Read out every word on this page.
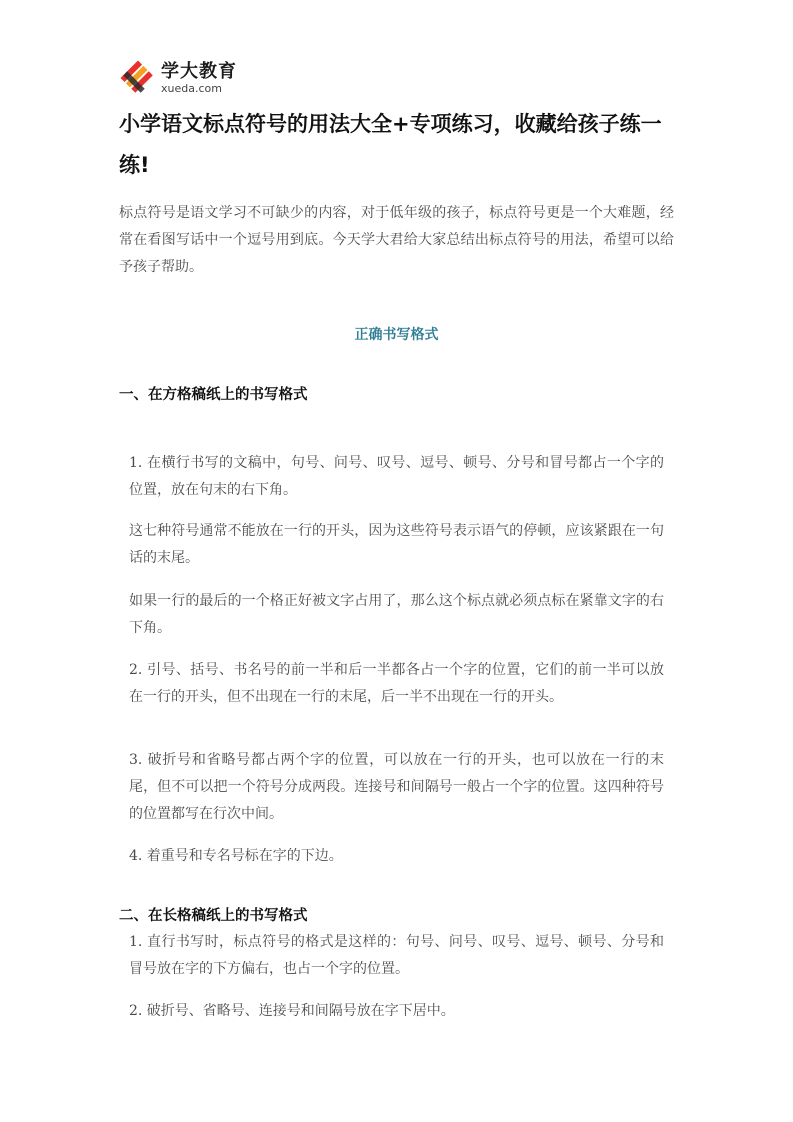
学大教育
xueda.com
小学语文标点符号的用法大全+专项练习，收藏给孩子练一练!

标点符号是语文学习不可缺少的内容，对于低年级的孩子，标点符号更是一个大难题，经常在看图写话中一个逗号用到底。今天学大君给大家总结出标点符号的用法，希望可以给予孩子帮助。

正确书写格式
一、在方格稿纸上的书写格式

1. 在横行书写的文稿中，句号、问号、叹号、逗号、顿号、分号和冒号都占一个字的位置，放在句末的右下角。

这七种符号通常不能放在一行的开头，因为这些符号表示语气的停顿，应该紧跟在一句话的末尾。

如果一行的最后的一个格正好被文字占用了，那么这个标点就必须点标在紧靠文字的右下角。

2. 引号、括号、书名号的前一半和后一半都各占一个字的位置，它们的前一半可以放在一行的开头，但不出现在一行的末尾，后一半不出现在一行的开头。

3. 破折号和省略号都占两个字的位置，可以放在一行的开头，也可以放在一行的末尾，但不可以把一个符号分成两段。连接号和间隔号一般占一个字的位置。这四种符号的位置都写在行次中间。

4. 着重号和专名号标在字的下边。

二、在长格稿纸上的书写格式

1. 直行书写时，标点符号的格式是这样的：句号、问号、叹号、逗号、顿号、分号和冒号放在字的下方偏右，也占一个字的位置。

2. 破折号、省略号、连接号和间隔号放在字下居中。
